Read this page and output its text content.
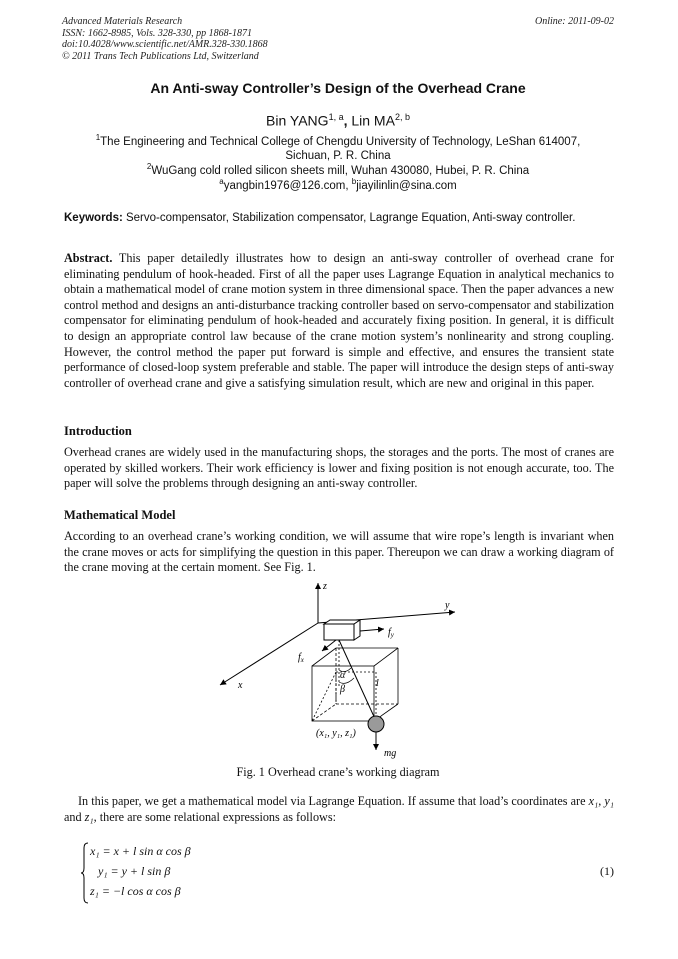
Advanced Materials Research
ISSN: 1662-8985, Vols. 328-330, pp 1868-1871
doi:10.4028/www.scientific.net/AMR.328-330.1868
© 2011 Trans Tech Publications Ltd, Switzerland
Online: 2011-09-02
An Anti-sway Controller’s Design of the Overhead Crane
Bin YANG$^{1, a}$, Lin MA$^{2, b}$
$^1$The Engineering and Technical College of Chengdu University of Technology, LeShan 614007,
Sichuan, P. R. China
$^2$WuGang cold rolled silicon sheets mill, Wuhan 430080, Hubei, P. R. China
$^a$yangbin1976@126.com, $^b$jiayilinlin@sina.com
Keywords: Servo-compensator, Stabilization compensator, Lagrange Equation, Anti-sway controller.
Abstract. This paper detailedly illustrates how to design an anti-sway controller of overhead crane for eliminating pendulum of hook-headed. First of all the paper uses Lagrange Equation in analytical mechanics to obtain a mathematical model of crane motion system in three dimensional space. Then the paper advances a new control method and designs an anti-disturbance tracking controller based on servo-compensator and stabilization compensator for eliminating pendulum of hook-headed and accurately fixing position. In general, it is difficult to design an appropriate control law because of the crane motion system’s nonlinearity and strong coupling. However, the control method the paper put forward is simple and effective, and ensures the transient state performance of closed-loop system preferable and stable. The paper will introduce the design steps of anti-sway controller of overhead crane and give a satisfying simulation result, which are new and original in this paper.
Introduction
Overhead cranes are widely used in the manufacturing shops, the storages and the ports. The most of cranes are operated by skilled workers. Their work efficiency is lower and fixing position is not enough accurate, too. The paper will solve the problems through designing an anti-sway controller.
Mathematical Model
According to an overhead crane’s working condition, we will assume that wire rope’s length is invariant when the crane moves or acts for simplifying the question in this paper. Thereupon we can draw a working diagram of the crane moving at the certain moment. See Fig. 1.
z
y
x
$f_y$
$f_x$
α
β
l
(x₁, y₁, z₁)
mg
Fig. 1 Overhead crane’s working diagram
In this paper, we get a mathematical model via Lagrange Equation. If assume that load’s coordinates are x₁, y₁ and z₁, there are some relational expressions as follows:
x₁ = x + l sin α cos β
y₁ = y + l sin β
z₁ = −l cos α cos β
(1)
